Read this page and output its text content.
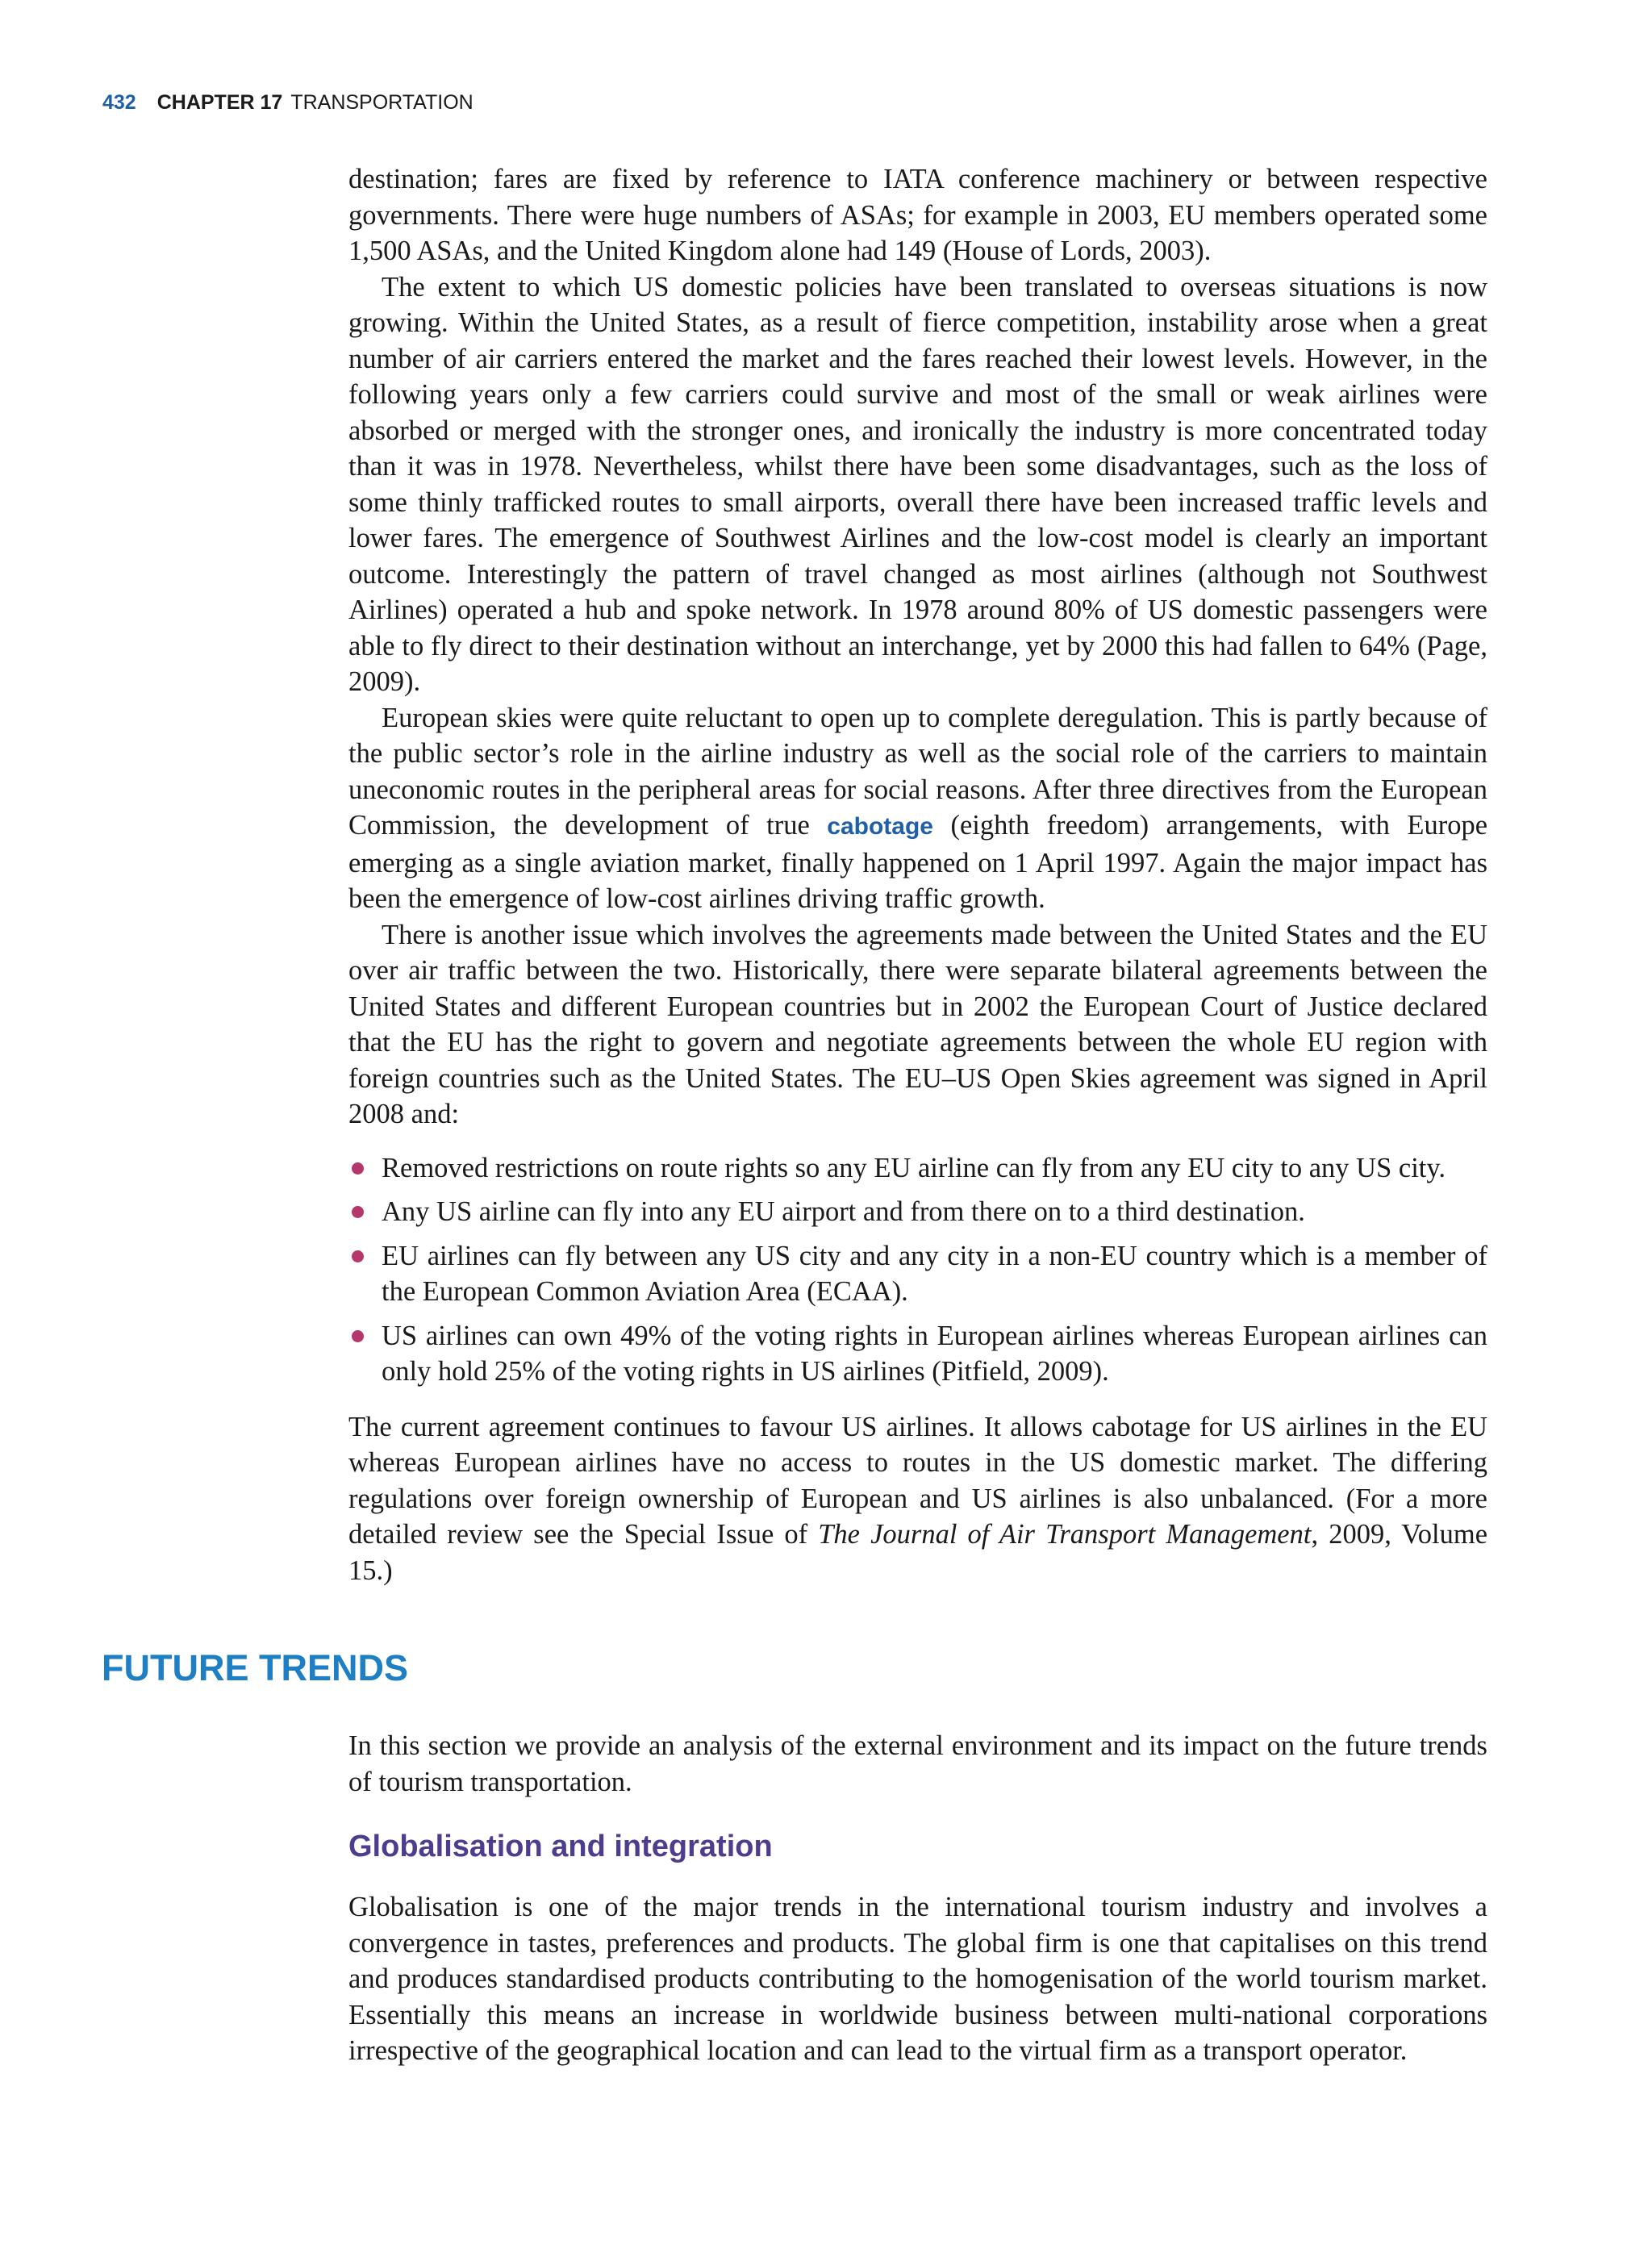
432 CHAPTER 17 TRANSPORTATION

destination; fares are fixed by reference to IATA conference machinery or between respective governments. There were huge numbers of ASAs; for example in 2003, EU members operated some 1,500 ASAs, and the United Kingdom alone had 149 (House of Lords, 2003).

The extent to which US domestic policies have been translated to overseas situations is now growing. Within the United States, as a result of fierce competition, instability arose when a great number of air carriers entered the market and the fares reached their lowest levels. However, in the following years only a few carriers could survive and most of the small or weak airlines were absorbed or merged with the stronger ones, and ironically the industry is more concentrated today than it was in 1978. Nevertheless, whilst there have been some disadvantages, such as the loss of some thinly trafficked routes to small airports, overall there have been increased traffic levels and lower fares. The emergence of Southwest Airlines and the low-cost model is clearly an important outcome. Interestingly the pattern of travel changed as most airlines (although not Southwest Airlines) operated a hub and spoke network. In 1978 around 80% of US domestic passengers were able to fly direct to their destination without an interchange, yet by 2000 this had fallen to 64% (Page, 2009).

European skies were quite reluctant to open up to complete deregulation. This is partly because of the public sector’s role in the airline industry as well as the social role of the carriers to maintain uneconomic routes in the peripheral areas for social reasons. After three directives from the European Commission, the development of true cabotage (eighth freedom) arrangements, with Europe emerging as a single aviation market, finally happened on 1 April 1997. Again the major impact has been the emergence of low-cost airlines driving traffic growth.

There is another issue which involves the agreements made between the United States and the EU over air traffic between the two. Historically, there were separate bilateral agreements between the United States and different European countries but in 2002 the European Court of Justice declared that the EU has the right to govern and negotiate agreements between the whole EU region with foreign countries such as the United States. The EU–US Open Skies agreement was signed in April 2008 and:

Removed restrictions on route rights so any EU airline can fly from any EU city to any US city.
Any US airline can fly into any EU airport and from there on to a third destination.
EU airlines can fly between any US city and any city in a non-EU country which is a member of the European Common Aviation Area (ECAA).
US airlines can own 49% of the voting rights in European airlines whereas European airlines can only hold 25% of the voting rights in US airlines (Pitfield, 2009).

The current agreement continues to favour US airlines. It allows cabotage for US airlines in the EU whereas European airlines have no access to routes in the US domestic market. The differing regulations over foreign ownership of European and US airlines is also unbalanced. (For a more detailed review see the Special Issue of The Journal of Air Transport Management, 2009, Volume 15.)

FUTURE TRENDS

In this section we provide an analysis of the external environment and its impact on the future trends of tourism transportation.

Globalisation and integration

Globalisation is one of the major trends in the international tourism industry and involves a convergence in tastes, preferences and products. The global firm is one that capitalises on this trend and produces standardised products contributing to the homogenisation of the world tourism market. Essentially this means an increase in worldwide business between multi-national corporations irrespective of the geographical location and can lead to the virtual firm as a transport operator.
